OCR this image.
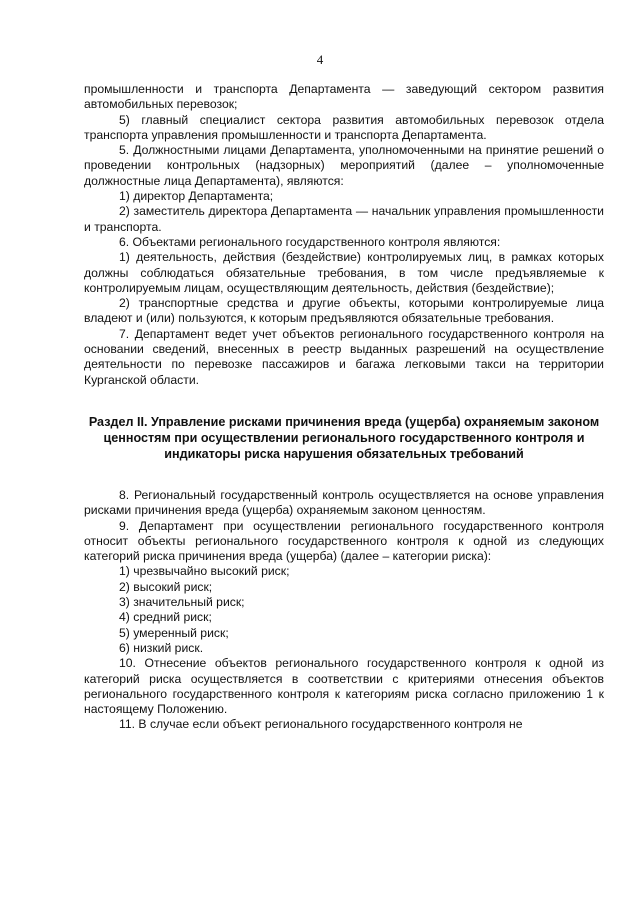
4

промышленности и транспорта Департамента — заведующий сектором развития автомобильных перевозок;

5) главный специалист сектора развития автомобильных перевозок отдела транспорта управления промышленности и транспорта Департамента.

5. Должностными лицами Департамента, уполномоченными на принятие решений о проведении контрольных (надзорных) мероприятий (далее – уполномоченные должностные лица Департамента), являются:

1) директор Департамента;

2) заместитель директора Департамента — начальник управления промышленности и транспорта.

6. Объектами регионального государственного контроля являются:

1) деятельность, действия (бездействие) контролируемых лиц, в рамках которых должны соблюдаться обязательные требования, в том числе предъявляемые к контролируемым лицам, осуществляющим деятельность, действия (бездействие);

2) транспортные средства и другие объекты, которыми контролируемые лица владеют и (или) пользуются, к которым предъявляются обязательные требования.

7. Департамент ведет учет объектов регионального государственного контроля на основании сведений, внесенных в реестр выданных разрешений на осуществление деятельности по перевозке пассажиров и багажа легковыми такси на территории Курганской области.

Раздел II. Управление рисками причинения вреда (ущерба) охраняемым законом ценностям при осуществлении регионального государственного контроля и индикаторы риска нарушения обязательных требований

8. Региональный государственный контроль осуществляется на основе управления рисками причинения вреда (ущерба) охраняемым законом ценностям.

9. Департамент при осуществлении регионального государственного контроля относит объекты регионального государственного контроля к одной из следующих категорий риска причинения вреда (ущерба) (далее – категории риска):

1) чрезвычайно высокий риск;

2) высокий риск;

3) значительный риск;

4) средний риск;

5) умеренный риск;

6) низкий риск.

10. Отнесение объектов регионального государственного контроля к одной из категорий риска осуществляется в соответствии с критериями отнесения объектов регионального государственного контроля к категориям риска согласно приложению 1 к настоящему Положению.

11. В случае если объект регионального государственного контроля не
